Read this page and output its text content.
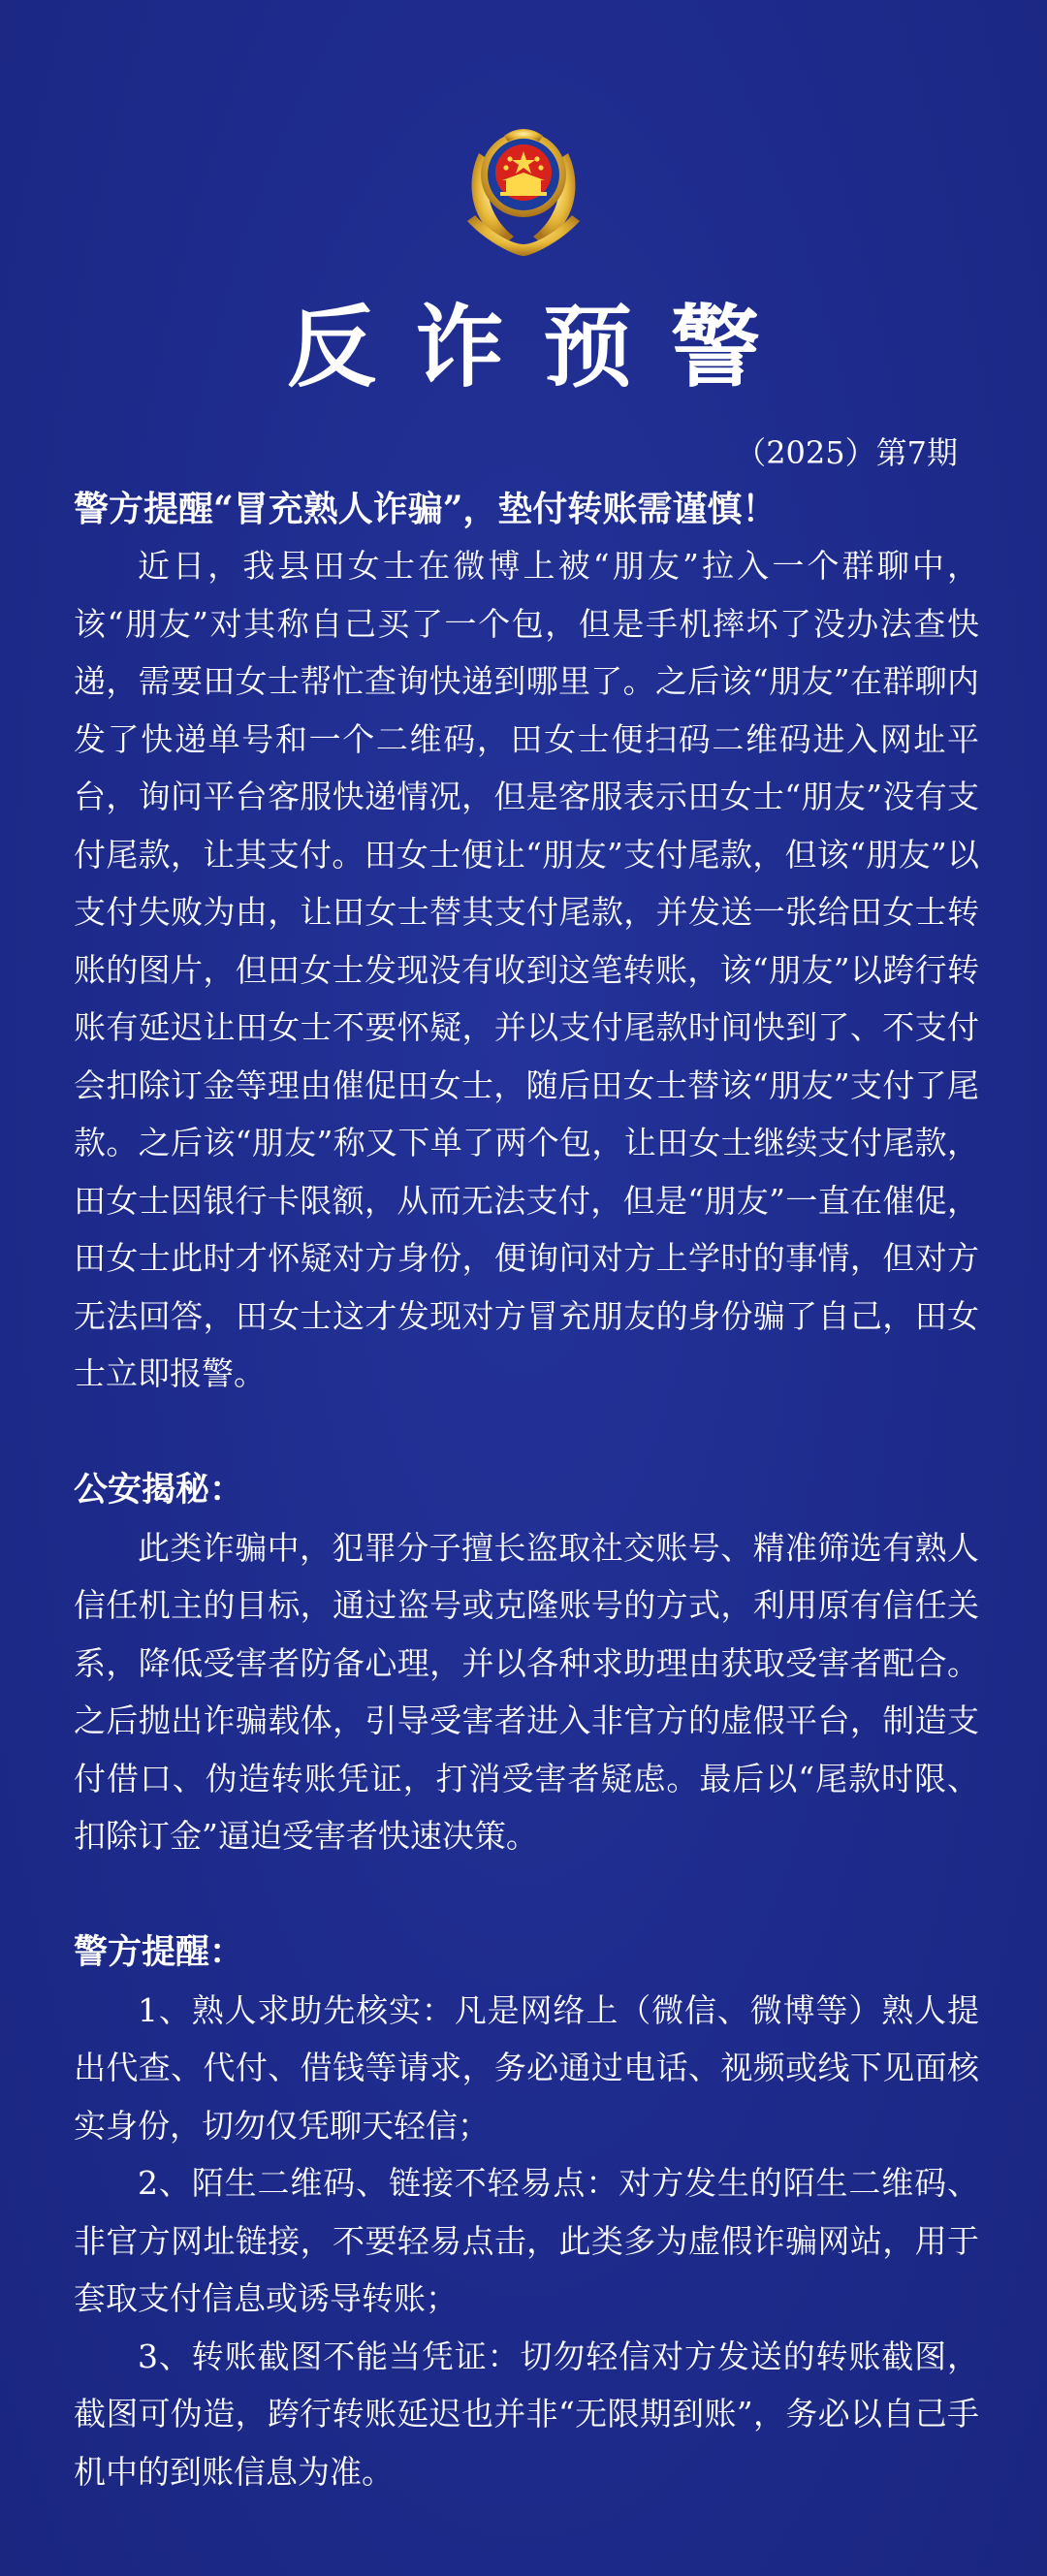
反诈预警
（2025）第7期

警方提醒“冒充熟人诈骗”，垫付转账需谨慎！

近日，我县田女士在微博上被“朋友”拉入一个群聊中，该“朋友”对其称自己买了一个包，但是手机摔坏了没办法查快递，需要田女士帮忙查询快递到哪里了。之后该“朋友”在群聊内发了快递单号和一个二维码，田女士便扫码二维码进入网址平台，询问平台客服快递情况，但是客服表示田女士“朋友”没有支付尾款，让其支付。田女士便让“朋友”支付尾款，但该“朋友”以支付失败为由，让田女士替其支付尾款，并发送一张给田女士转账的图片，但田女士发现没有收到这笔转账，该“朋友”以跨行转账有延迟让田女士不要怀疑，并以支付尾款时间快到了、不支付会扣除订金等理由催促田女士，随后田女士替该“朋友”支付了尾款。之后该“朋友”称又下单了两个包，让田女士继续支付尾款，田女士因银行卡限额，从而无法支付，但是“朋友”一直在催促，田女士此时才怀疑对方身份，便询问对方上学时的事情，但对方无法回答，田女士这才发现对方冒充朋友的身份骗了自己，田女士立即报警。

公安揭秘：

此类诈骗中，犯罪分子擅长盗取社交账号、精准筛选有熟人信任机主的目标，通过盗号或克隆账号的方式，利用原有信任关系，降低受害者防备心理，并以各种求助理由获取受害者配合。之后抛出诈骗载体，引导受害者进入非官方的虚假平台，制造支付借口、伪造转账凭证，打消受害者疑虑。最后以“尾款时限、扣除订金”逼迫受害者快速决策。

警方提醒：

1、熟人求助先核实：凡是网络上（微信、微博等）熟人提出代查、代付、借钱等请求，务必通过电话、视频或线下见面核实身份，切勿仅凭聊天轻信；

2、陌生二维码、链接不轻易点：对方发生的陌生二维码、非官方网址链接，不要轻易点击，此类多为虚假诈骗网站，用于套取支付信息或诱导转账；

3、转账截图不能当凭证：切勿轻信对方发送的转账截图，截图可伪造，跨行转账延迟也并非“无限期到账”，务必以自己手机中的到账信息为准。
